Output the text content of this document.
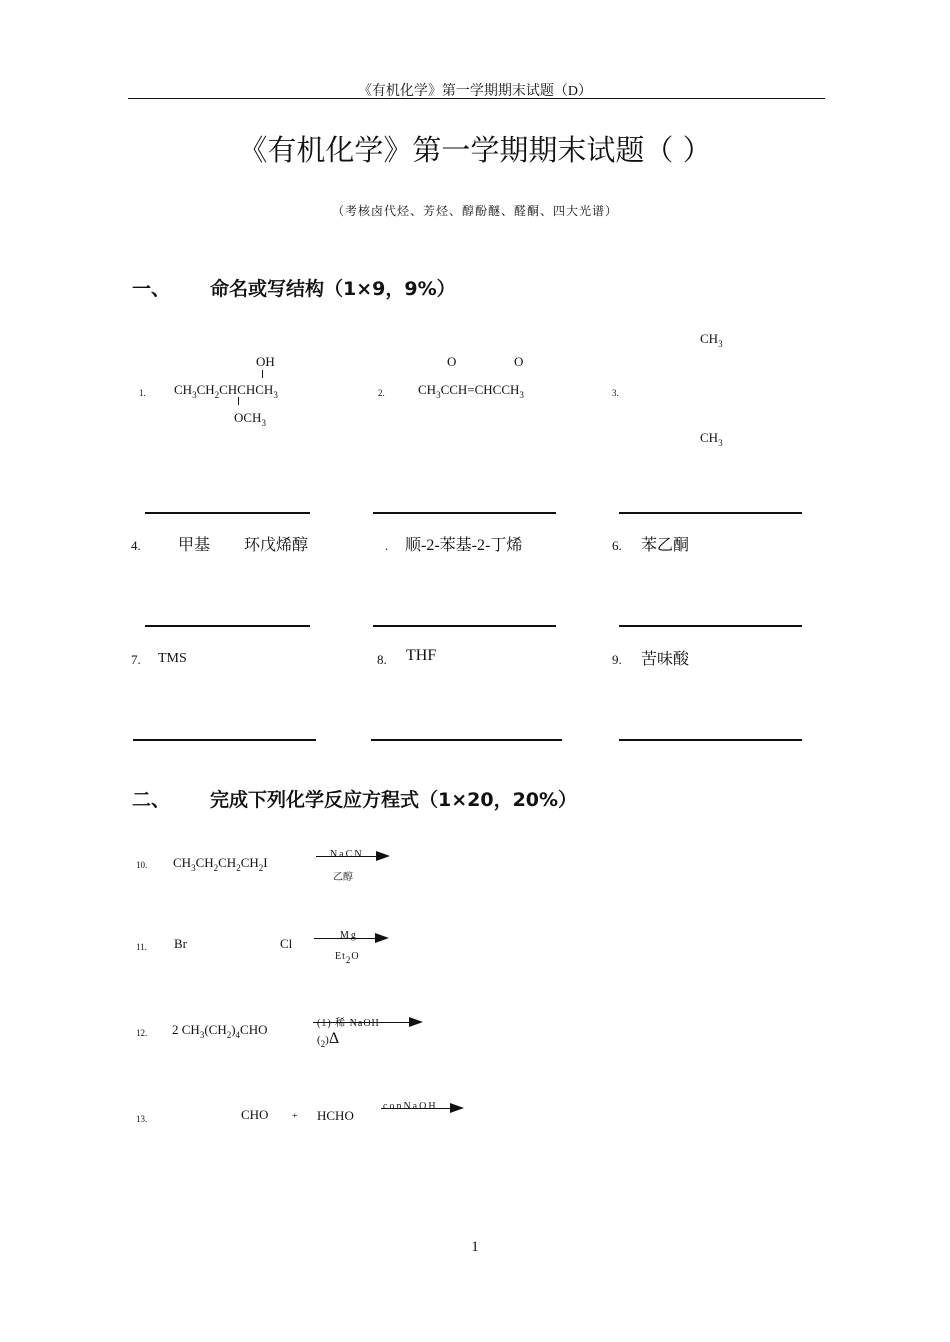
《有机化学》第一学期期末试题（D）
《有机化学》第一学期期末试题（ ）
（考核卤代烃、芳烃、醇酚醚、醛酮、四大光谱）
一、 命名或写结构（1×9，9%）
1.
OH
$CH_3CH_2CHCHCH_3$
$OCH_3$
2.
O	O
$CH_3CCH=CHCCH_3$	3.
$CH_3$
$CH_3$
4. 甲基 环戊烯醇	. 顺-2-苯基-2-丁烯	6. 苯乙酮
7. TMS	8. THF	9. 苦味酸
二、 完成下列化学反应方程式（1×20，20%）
10. $CH_3CH_2CH_2CH_2I$
NaCN
乙醇
11. Br	Cl
Mg
Et2O
12. 2 $CH_3(CH_2)_4CHO$	(1) 稀 NaOH
$(_2)\Delta$
13.	CHO + HCHO
conNaOH
1
